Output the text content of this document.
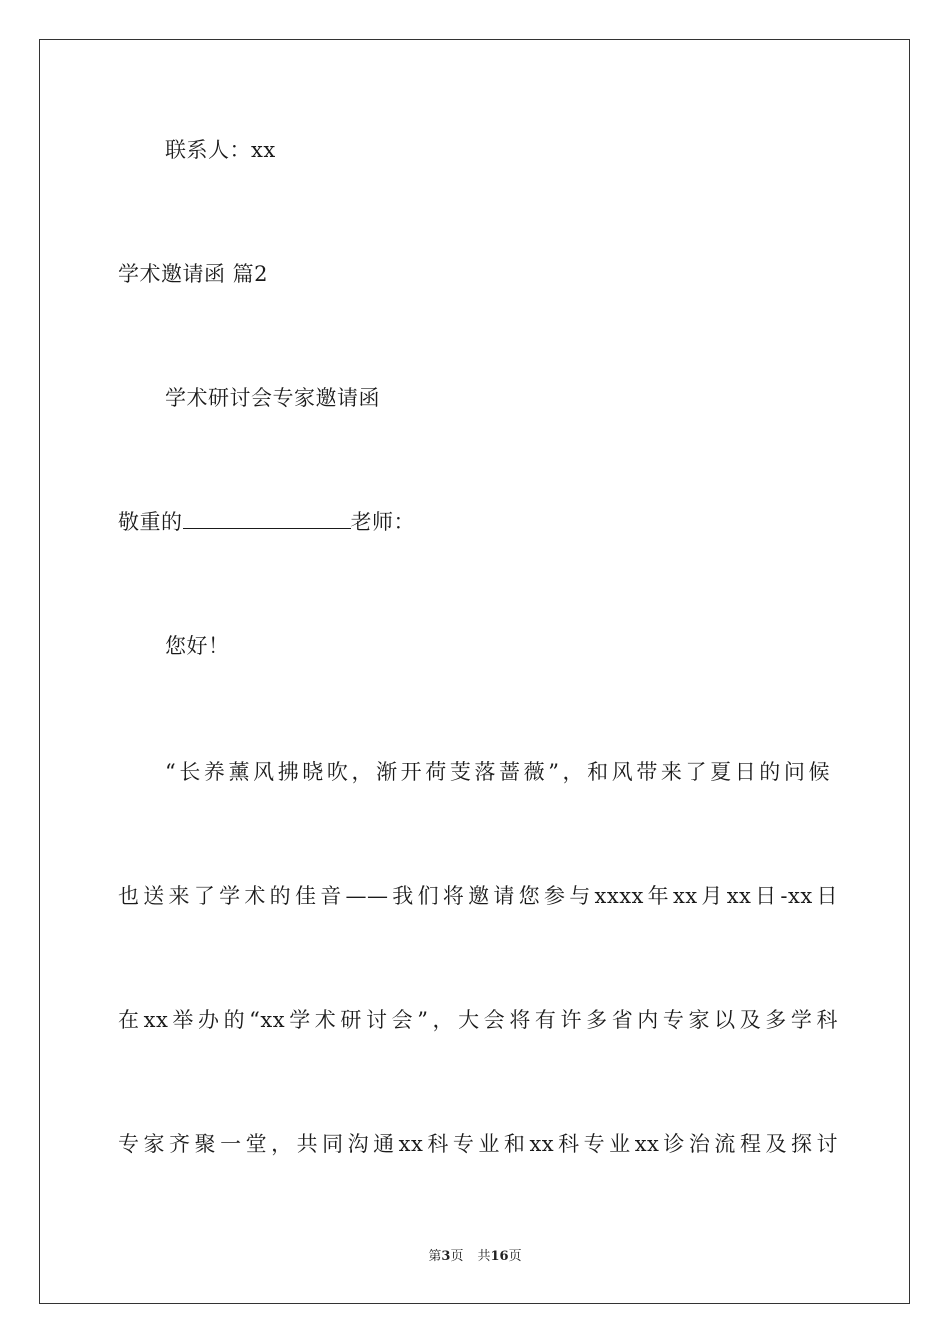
联系人：xx
学术邀请函 篇2
学术研讨会专家邀请函
敬重的	老师：
您好！
“长养薰风拂晓吹，渐开荷芰落蔷薇”，和风带来了夏日的问候
也送来了学术的佳音——我们将邀请您参与xxxx年xx月xx日-xx日
在xx举办的“xx学术研讨会”，大会将有许多省内专家以及多学科
专家齐聚一堂，共同沟通xx科专业和xx科专业xx诊治流程及探讨
第3页 共16页
